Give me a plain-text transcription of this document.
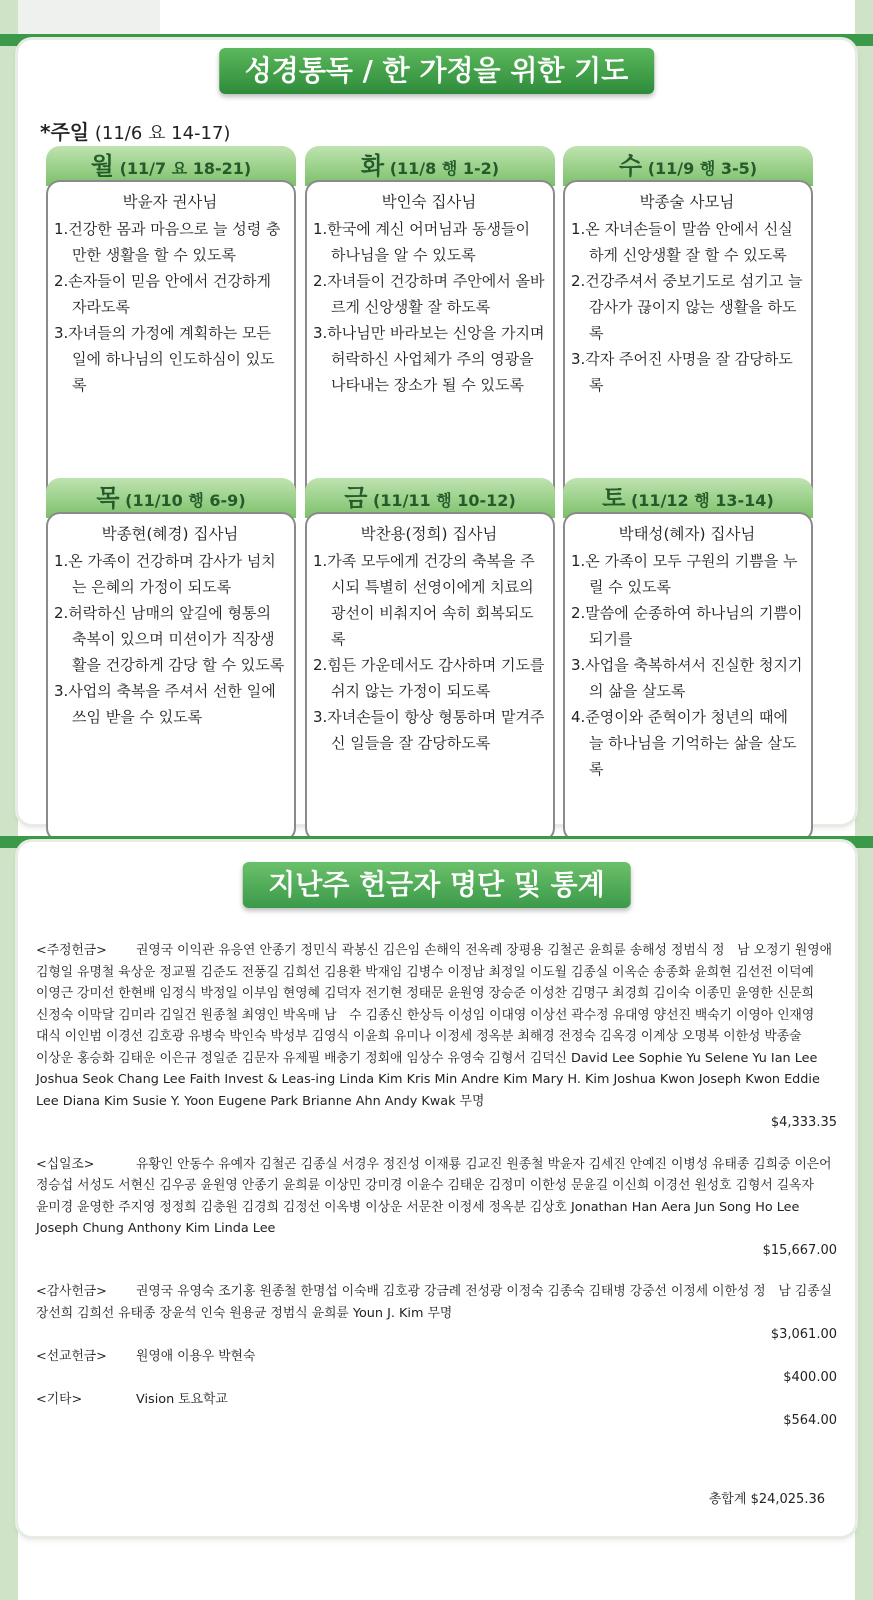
성경통독 / 한 가정을 위한 기도
*주일 (11/6 요 14-17)
월 (11/7 요 18-21)
박윤자 권사님
1.건강한 몸과 마음으로 늘 성령 충만한 생활을 할 수 있도록
2.손자들이 믿음 안에서 건강하게 자라도록
3.자녀들의 가정에 계획하는 모든 일에 하나님의 인도하심이 있도록
화 (11/8 행 1-2)
박인숙 집사님
1.한국에 계신 어머님과 동생들이 하나님을 알 수 있도록
2.자녀들이 건강하며 주안에서 올바르게 신앙생활 잘 하도록
3.하나님만 바라보는 신앙을 가지며 허락하신 사업체가 주의 영광을 나타내는 장소가 될 수 있도록
수 (11/9 행 3-5)
박종술 사모님
1.온 자녀손들이 말씀 안에서 신실하게 신앙생활 잘 할 수 있도록
2.건강주셔서 중보기도로 섬기고 늘 감사가 끊이지 않는 생활을 하도록
3.각자 주어진 사명을 잘 감당하도록
목 (11/10 행 6-9)
박종현(혜경) 집사님
1.온 가족이 건강하며 감사가 넘치는 은혜의 가정이 되도록
2.허락하신 남매의 앞길에 형통의 축복이 있으며 미션이가 직장생활을 건강하게 감당 할 수 있도록
3.사업의 축복을 주셔서 선한 일에 쓰임 받을 수 있도록
금 (11/11 행 10-12)
박찬용(정희) 집사님
1.가족 모두에게 건강의 축복을 주시되 특별히 선영이에게 치료의 광선이 비춰지어 속히 회복되도록
2.힘든 가운데서도 감사하며 기도를 쉬지 않는 가정이 되도록
3.자녀손들이 항상 형통하며 맡겨주신 일들을 잘 감당하도록
토 (11/12 행 13-14)
박태성(혜자) 집사님
1.온 가족이 모두 구원의 기쁨을 누릴 수 있도록
2.말씀에 순종하여 하나님의 기쁨이 되기를
3.사업을 축복하셔서 진실한 청지기의 삶을 살도록
4.준영이와 준혁이가 청년의 때에 늘 하나님을 기억하는 삶을 살도록
지난주 헌금자 명단 및 통계
<주정헌금> 권영국 이익관 유응연 안종기 정민식 곽봉신 김은임 손해익 전옥례 장평용 김철곤 윤희륜 송해성 정범식 정　남 오정기 원영애 김형일 유명철 육상운 정교필 김준도 전풍길 김희선 김용환 박재임 김병수 이정남 최정일 이도월 김종실 이옥순 송종화 윤희현 김선전 이덕예 이영근 강미선 한현배 임정식 박정일 이부임 현영혜 김덕자 전기현 정태문 윤원영 장승준 이성찬 김명구 최경희 김이숙 이종민 윤영한 신문희 신정숙 이막달 김미라 김일건 원종철 최영인 박옥매 남　수 김종신 한상득 이성임 이대영 이상선 곽수정 유대영 양선진 백숙기 이영아 인재영 대식 이인범 이경선 김호광 유병숙 박인숙 박성부 김영식 이윤희 유미나 이정세 정옥분 최해경 전정숙 김옥경 이계상 오명복 이한성 박종술 이상운 홍승화 김태운 이은규 정일준 김문자 유제필 배충기 정회애 임상수 유영숙 김형서 김덕신 David Lee Sophie Yu Selene Yu Ian Lee Joshua Seok Chang Lee Faith Invest & Leas-ing Linda Kim Kris Min Andre Kim Mary H. Kim Joshua Kwon Joseph Kwon Eddie Lee Diana Kim Susie Y. Yoon Eugene Park Brianne Ahn Andy Kwak 무명
$4,333.35
<십일조>	유황인 안동수 유예자 김철곤 김종실 서경우 정진성 이재룡 김교진 원종철 박윤자 김세진 안예진 이병성 유태종 김희중 이은어 정승섭 서성도 서현신 김우공 윤원영 안종기 윤희륜 이상민 강미경 이윤수 김태운 김정미 이한성 문윤길 이신희 이경선 원성호 김형서 길옥자 윤미경 윤영한 주지영 정정희 김충원 김경희 김정선 이옥병 이상운 서문찬 이정세 정옥분 김상호 Jonathan Han Aera Jun Song Ho Lee Joseph Chung Anthony Kim Linda Lee
$15,667.00
<감사헌금> 권영국 유영숙 조기홍 원종철 한명섭 이숙배 김호광 강금례 전성광 이정숙 김종숙 김태병 강중선 이정세 이한성 정　남 김종실 장선희 김희선 유태종 장윤석 인숙 원용균 정범식 윤희륜 Youn J. Kim 무명
$3,061.00
<선교헌금> 원영애 이용우 박현숙
$400.00
<기타>	Vision 토요학교
$564.00
총합계 $24,025.36
